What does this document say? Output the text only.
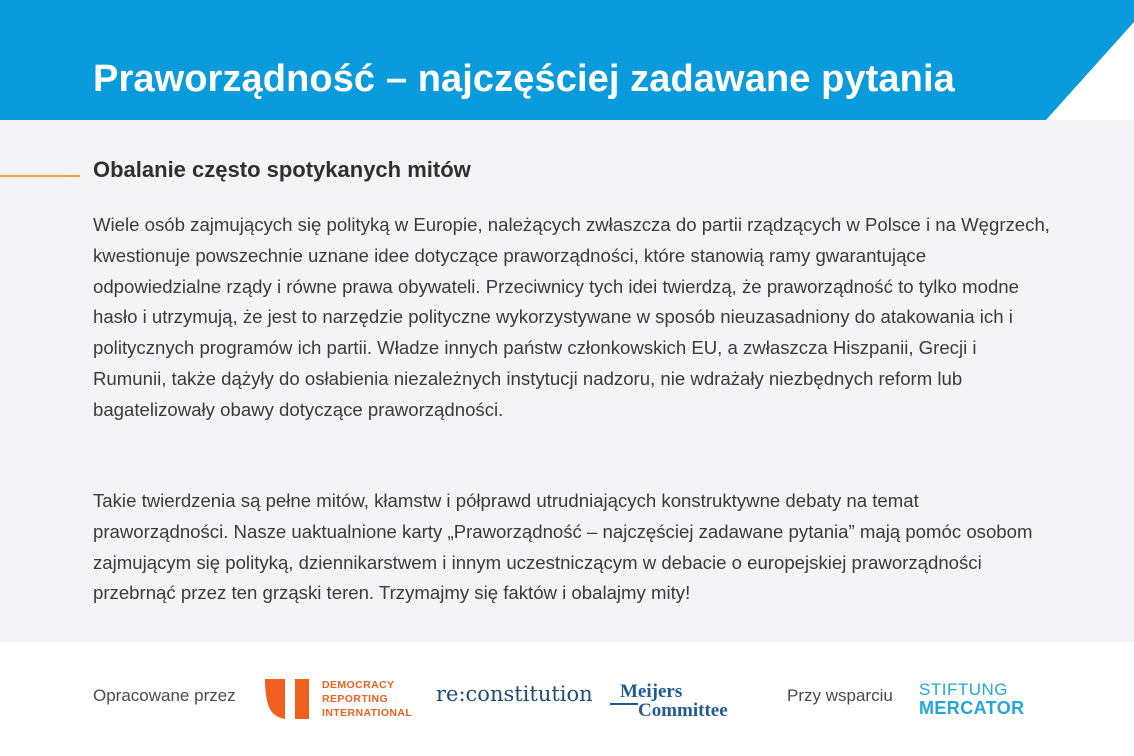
Praworządność – najczęściej zadawane pytania
Obalanie często spotykanych mitów

Wiele osób zajmujących się polityką w Europie, należących zwłaszcza do partii rządzących w Polsce i na Węgrzech, kwestionuje powszechnie uznane idee dotyczące praworządności, które stanowią ramy gwarantujące odpowiedzialne rządy i równe prawa obywateli. Przeciwnicy tych idei twierdzą, że praworządność to tylko modne hasło i utrzymują, że jest to narzędzie polityczne wykorzystywane w sposób nieuzasadniony do atakowania ich i politycznych programów ich partii. Władze innych państw członkowskich EU, a zwłaszcza Hiszpanii, Grecji i Rumunii, także dążyły do osłabienia niezależnych instytucji nadzoru, nie wdrażały niezbędnych reform lub bagatelizowały obawy dotyczące praworządności.

Takie twierdzenia są pełne mitów, kłamstw i półprawd utrudniających konstruktywne debaty na temat praworządności. Nasze uaktualnione karty „Praworządność – najczęściej zadawane pytania” mają pomóc osobom zajmującym się polityką, dziennikarstwem i innym uczestniczącym w debacie o europejskiej praworządności przebrnąć przez ten grząski teren. Trzymajmy się faktów i obalajmy mity!

Opracowane przez
DEMOCRACY
REPORTING
INTERNATIONAL
re:constitution Meijers
Committee
Przy wsparciu STIFTUNG
MERCATOR
